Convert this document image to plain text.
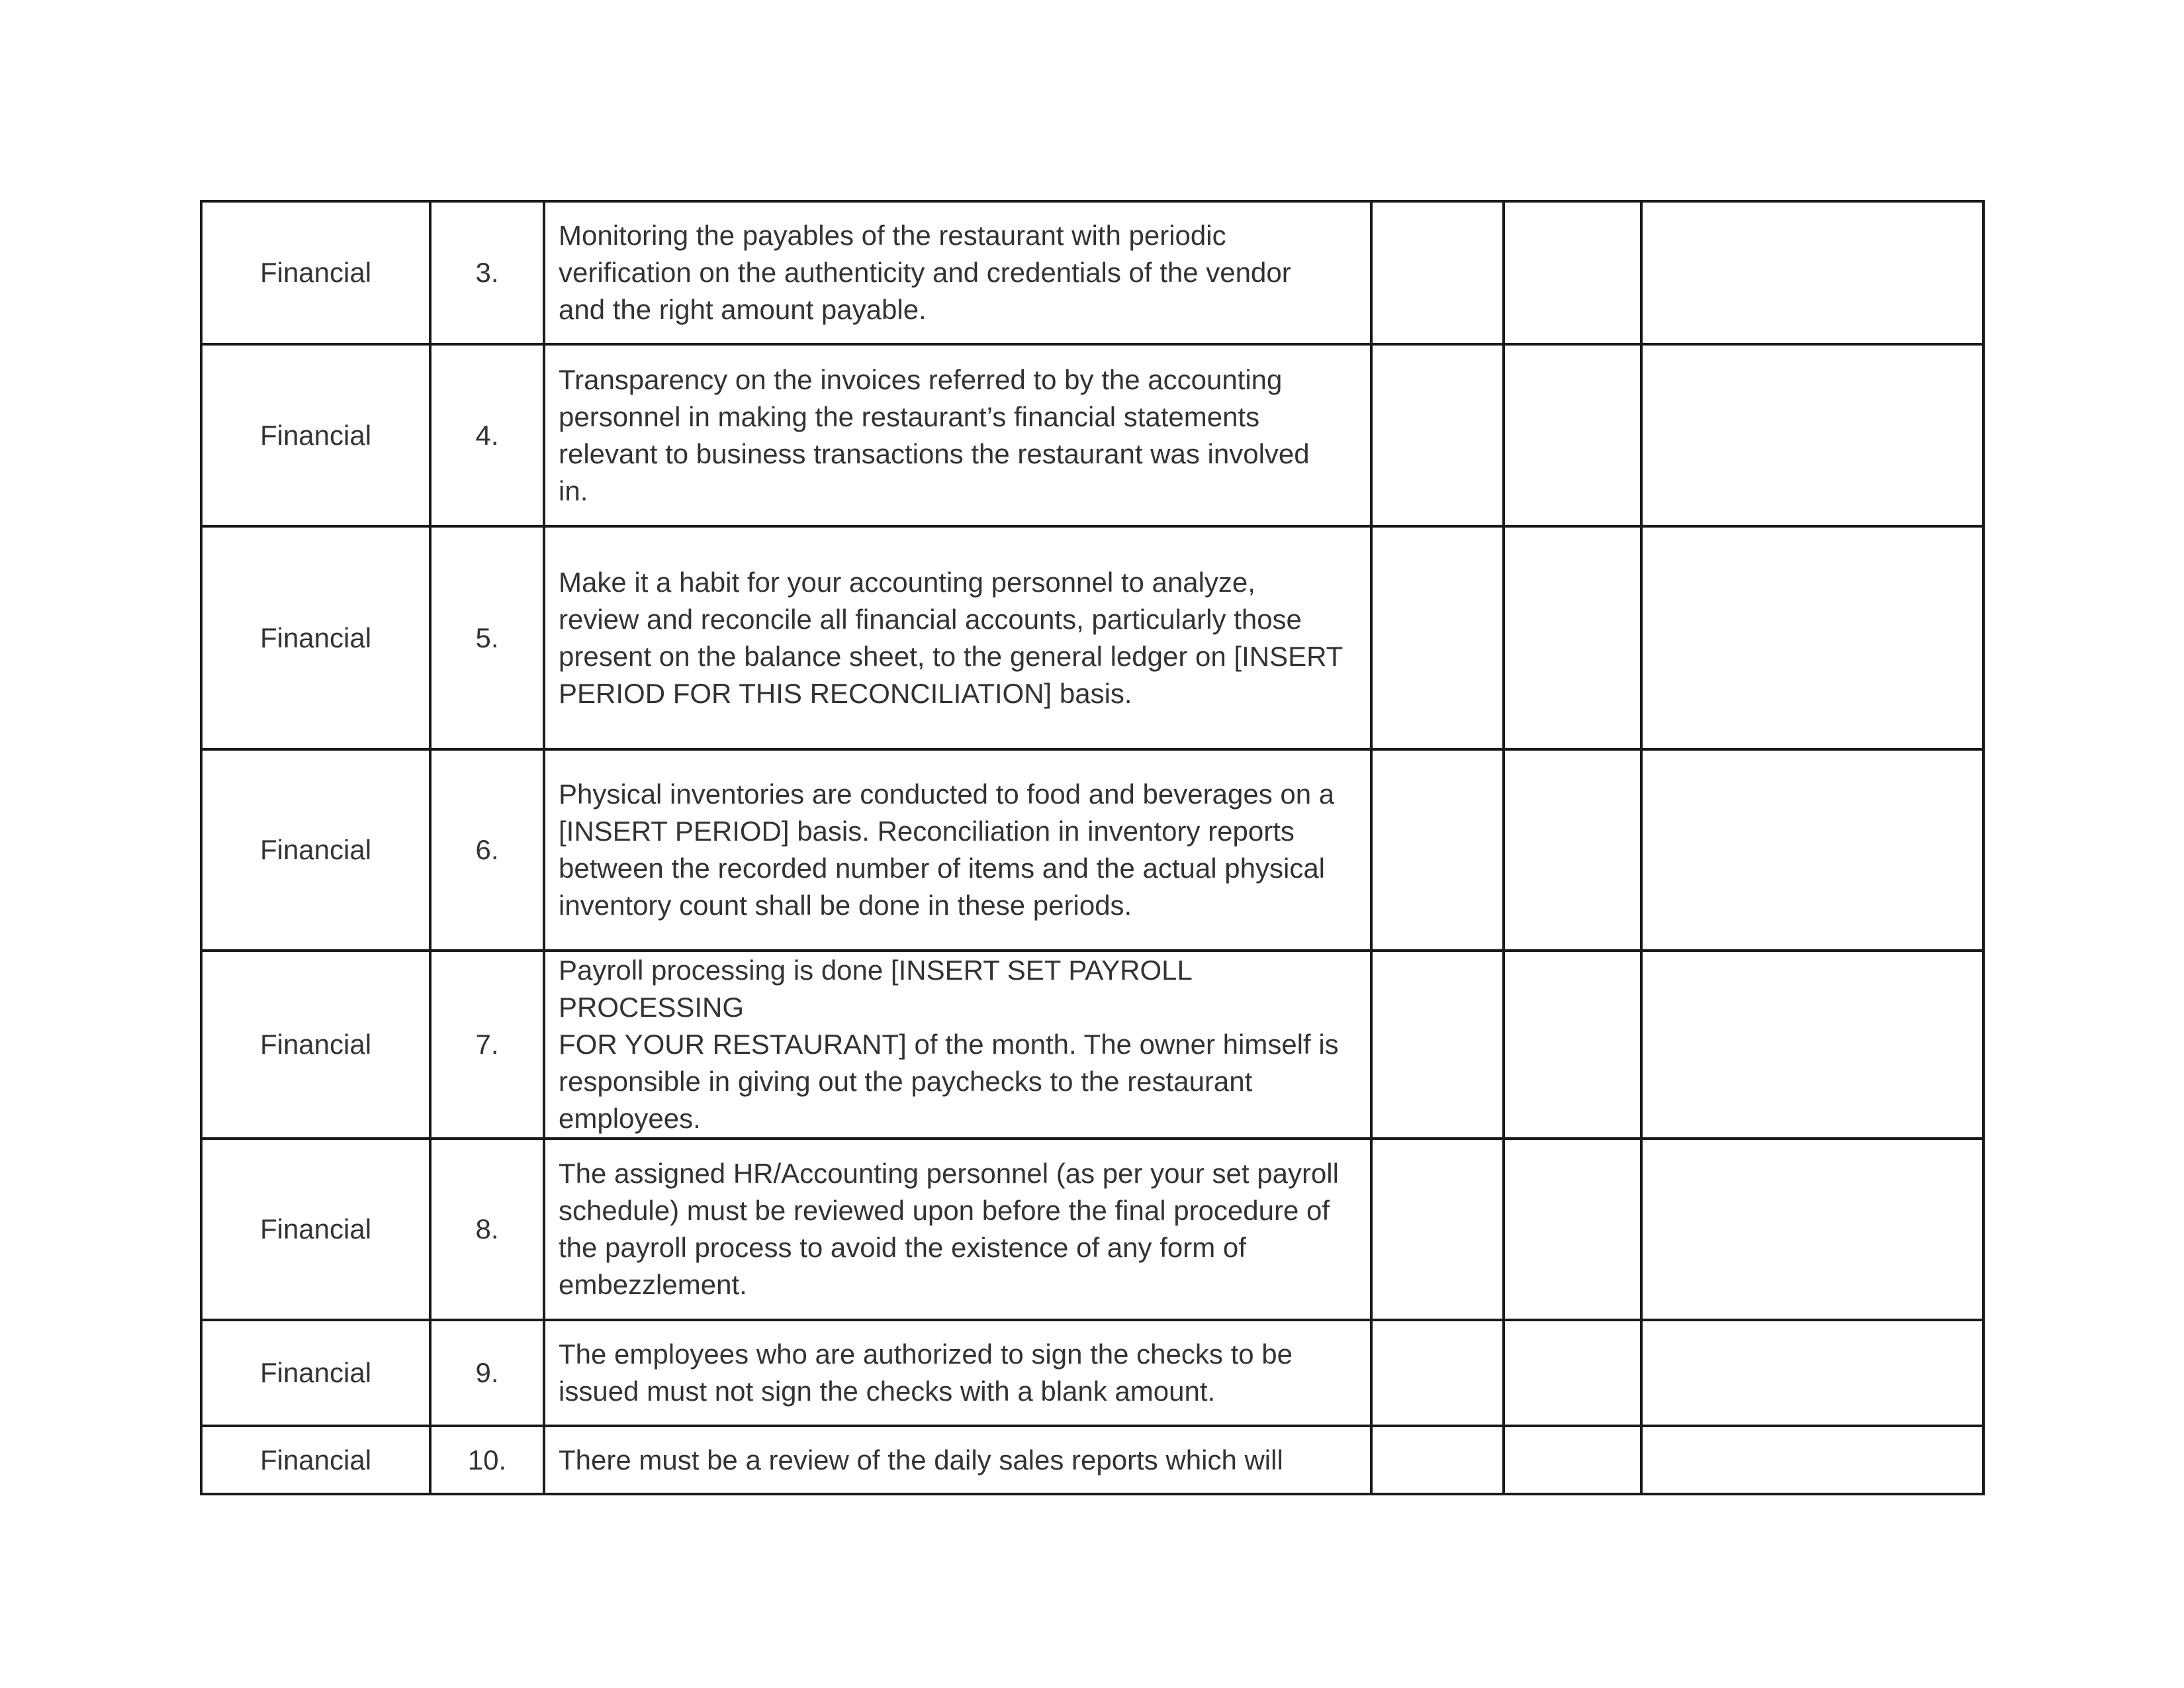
Financial	3.	Monitoring the payables of the restaurant with periodic
verification on the authenticity and credentials of the vendor
and the right amount payable.			

Financial	4.	Transparency on the invoices referred to by the accounting
personnel in making the restaurant’s financial statements
relevant to business transactions the restaurant was involved
in.			

Financial	5.	Make it a habit for your accounting personnel to analyze,
review and reconcile all financial accounts, particularly those
present on the balance sheet, to the general ledger on [INSERT
PERIOD FOR THIS RECONCILIATION] basis.			

Financial	6.	Physical inventories are conducted to food and beverages on a
[INSERT PERIOD] basis. Reconciliation in inventory reports
between the recorded number of items and the actual physical
inventory count shall be done in these periods.			

Financial	7.	Payroll processing is done [INSERT SET PAYROLL PROCESSING
FOR YOUR RESTAURANT] of the month. The owner himself is
responsible in giving out the paychecks to the restaurant
employees.			

Financial	8.	The assigned HR/Accounting personnel (as per your set payroll
schedule) must be reviewed upon before the final procedure of
the payroll process to avoid the existence of any form of
embezzlement.			

Financial	9.	The employees who are authorized to sign the checks to be
issued must not sign the checks with a blank amount.			

Financial	10.	There must be a review of the daily sales reports which will			
